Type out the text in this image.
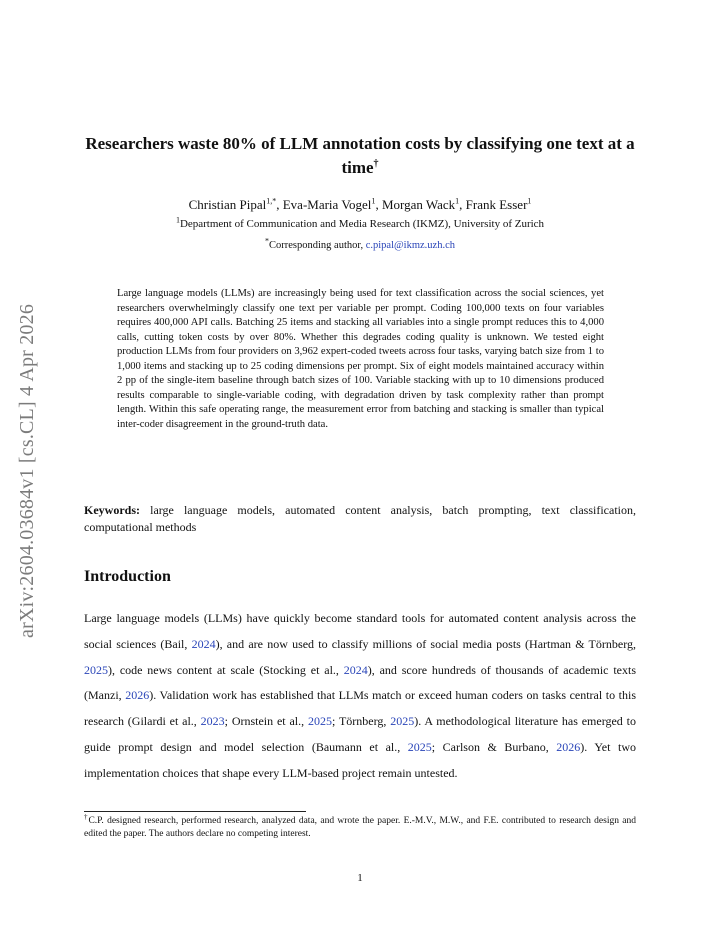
arXiv:2604.03684v1 [cs.CL] 4 Apr 2026
Researchers waste 80% of LLM annotation costs by classifying one text at a time†
Christian Pipal$^{1,*}$, Eva-Maria Vogel$^1$, Morgan Wack$^1$, Frank Esser$^1$
$^1$Department of Communication and Media Research (IKMZ), University of Zurich
*Corresponding author, c.pipal@ikmz.uzh.ch
Large language models (LLMs) are increasingly being used for text classification across the social sciences, yet researchers overwhelmingly classify one text per variable per prompt. Coding 100,000 texts on four variables requires 400,000 API calls. Batching 25 items and stacking all variables into a single prompt reduces this to 4,000 calls, cutting token costs by over 80%. Whether this degrades coding quality is unknown. We tested eight production LLMs from four providers on 3,962 expert-coded tweets across four tasks, varying batch size from 1 to 1,000 items and stacking up to 25 coding dimensions per prompt. Six of eight models maintained accuracy within 2 pp of the single-item baseline through batch sizes of 100. Variable stacking with up to 10 dimensions produced results comparable to single-variable coding, with degradation driven by task complexity rather than prompt length. Within this safe operating range, the measurement error from batching and stacking is smaller than typical inter-coder disagreement in the ground-truth data.
Keywords: large language models, automated content analysis, batch prompting, text classification, computational methods
Introduction
Large language models (LLMs) have quickly become standard tools for automated content analysis across the social sciences (Bail, 2024), and are now used to classify millions of social media posts (Hartman & Törnberg, 2025), code news content at scale (Stocking et al., 2024), and score hundreds of thousands of academic texts (Manzi, 2026). Validation work has established that LLMs match or exceed human coders on tasks central to this research (Gilardi et al., 2023; Ornstein et al., 2025; Törnberg, 2025). A methodological literature has emerged to guide prompt design and model selection (Baumann et al., 2025; Carlson & Burbano, 2026). Yet two implementation choices that shape every LLM-based project remain untested.
†C.P. designed research, performed research, analyzed data, and wrote the paper. E.-M.V., M.W., and F.E. contributed to research design and edited the paper. The authors declare no competing interest.
1
